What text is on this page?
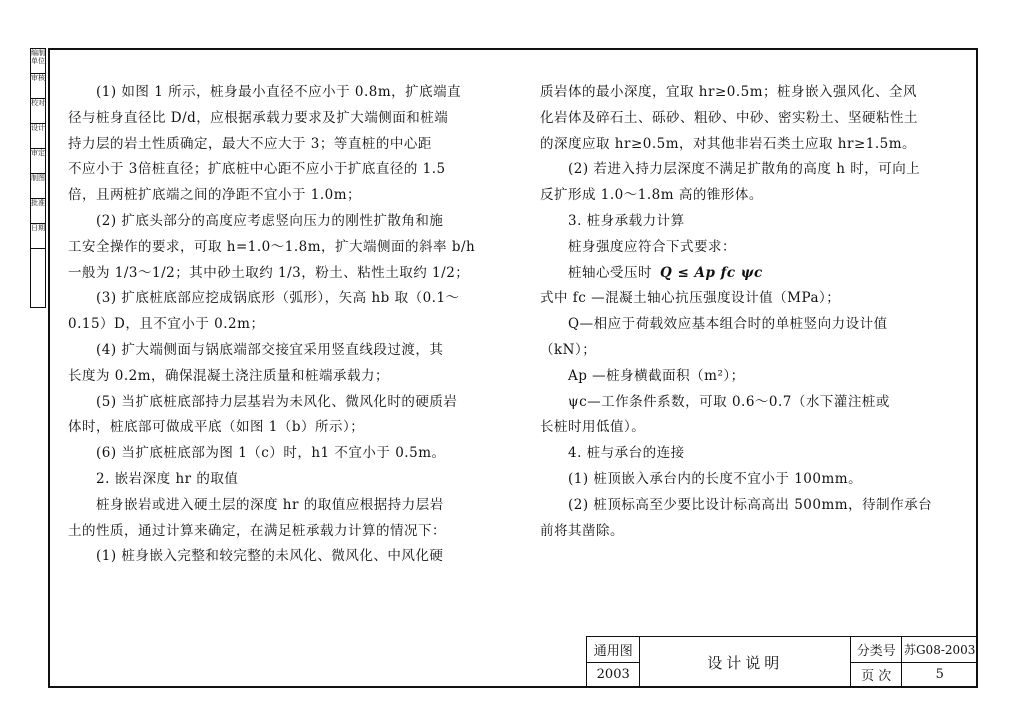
编制单位
审核
校对
设计
审定
制图
批准
日期

(1) 如图 1 所示，桩身最小直径不应小于 0.8m，扩底端直

径与桩身直径比 D/d，应根据承载力要求及扩大端侧面和桩端

持力层的岩土性质确定，最大不应大于 3；等直桩的中心距

不应小于 3倍桩直径；扩底桩中心距不应小于扩底直径的 1.5

倍，且两桩扩底端之间的净距不宜小于 1.0m；

(2) 扩底头部分的高度应考虑竖向压力的刚性扩散角和施

工安全操作的要求，可取 h=1.0～1.8m，扩大端侧面的斜率 b/h

一般为 1/3～1/2；其中砂土取约 1/3，粉土、粘性土取约 1/2；

(3) 扩底桩底部应挖成锅底形（弧形），矢高 hb 取（0.1～

0.15）D，且不宜小于 0.2m；

(4) 扩大端侧面与锅底端部交接宜采用竖直线段过渡，其

长度为 0.2m，确保混凝土浇注质量和桩端承载力；

(5) 当扩底桩底部持力层基岩为未风化、微风化时的硬质岩

体时，桩底部可做成平底（如图 1（b）所示）；

(6) 当扩底桩底部为图 1（c）时，h1 不宜小于 0.5m。

2. 嵌岩深度 hr 的取值

桩身嵌岩或进入硬土层的深度 hr 的取值应根据持力层岩

土的性质，通过计算来确定，在满足桩承载力计算的情况下：

(1) 桩身嵌入完整和较完整的未风化、微风化、中风化硬

质岩体的最小深度，宜取 hr≥0.5m；桩身嵌入强风化、全风

化岩体及碎石土、砾砂、粗砂、中砂、密实粉土、坚硬粘性土

的深度应取 hr≥0.5m，对其他非岩石类土应取 hr≥1.5m。

(2) 若进入持力层深度不满足扩散角的高度 h 时，可向上

反扩形成 1.0～1.8m 高的锥形体。

3. 桩身承载力计算

桩身强度应符合下式要求：

桩轴心受压时 Q ≤ Ap fc ψc

式中 fc —混凝土轴心抗压强度设计值（MPa）；

Q—相应于荷载效应基本组合时的单桩竖向力设计值

（kN）；

Ap —桩身横截面积（m²）；

ψc—工作条件系数，可取 0.6～0.7（水下灌注桩或

长桩时用低值）。

4. 桩与承台的连接

(1) 桩顶嵌入承台内的长度不宜小于 100mm。

(2) 桩顶标高至少要比设计标高高出 500mm，待制作承台

前将其凿除。

通用图	设计说明	分类号	苏G08-2003
2003		页 次	5
